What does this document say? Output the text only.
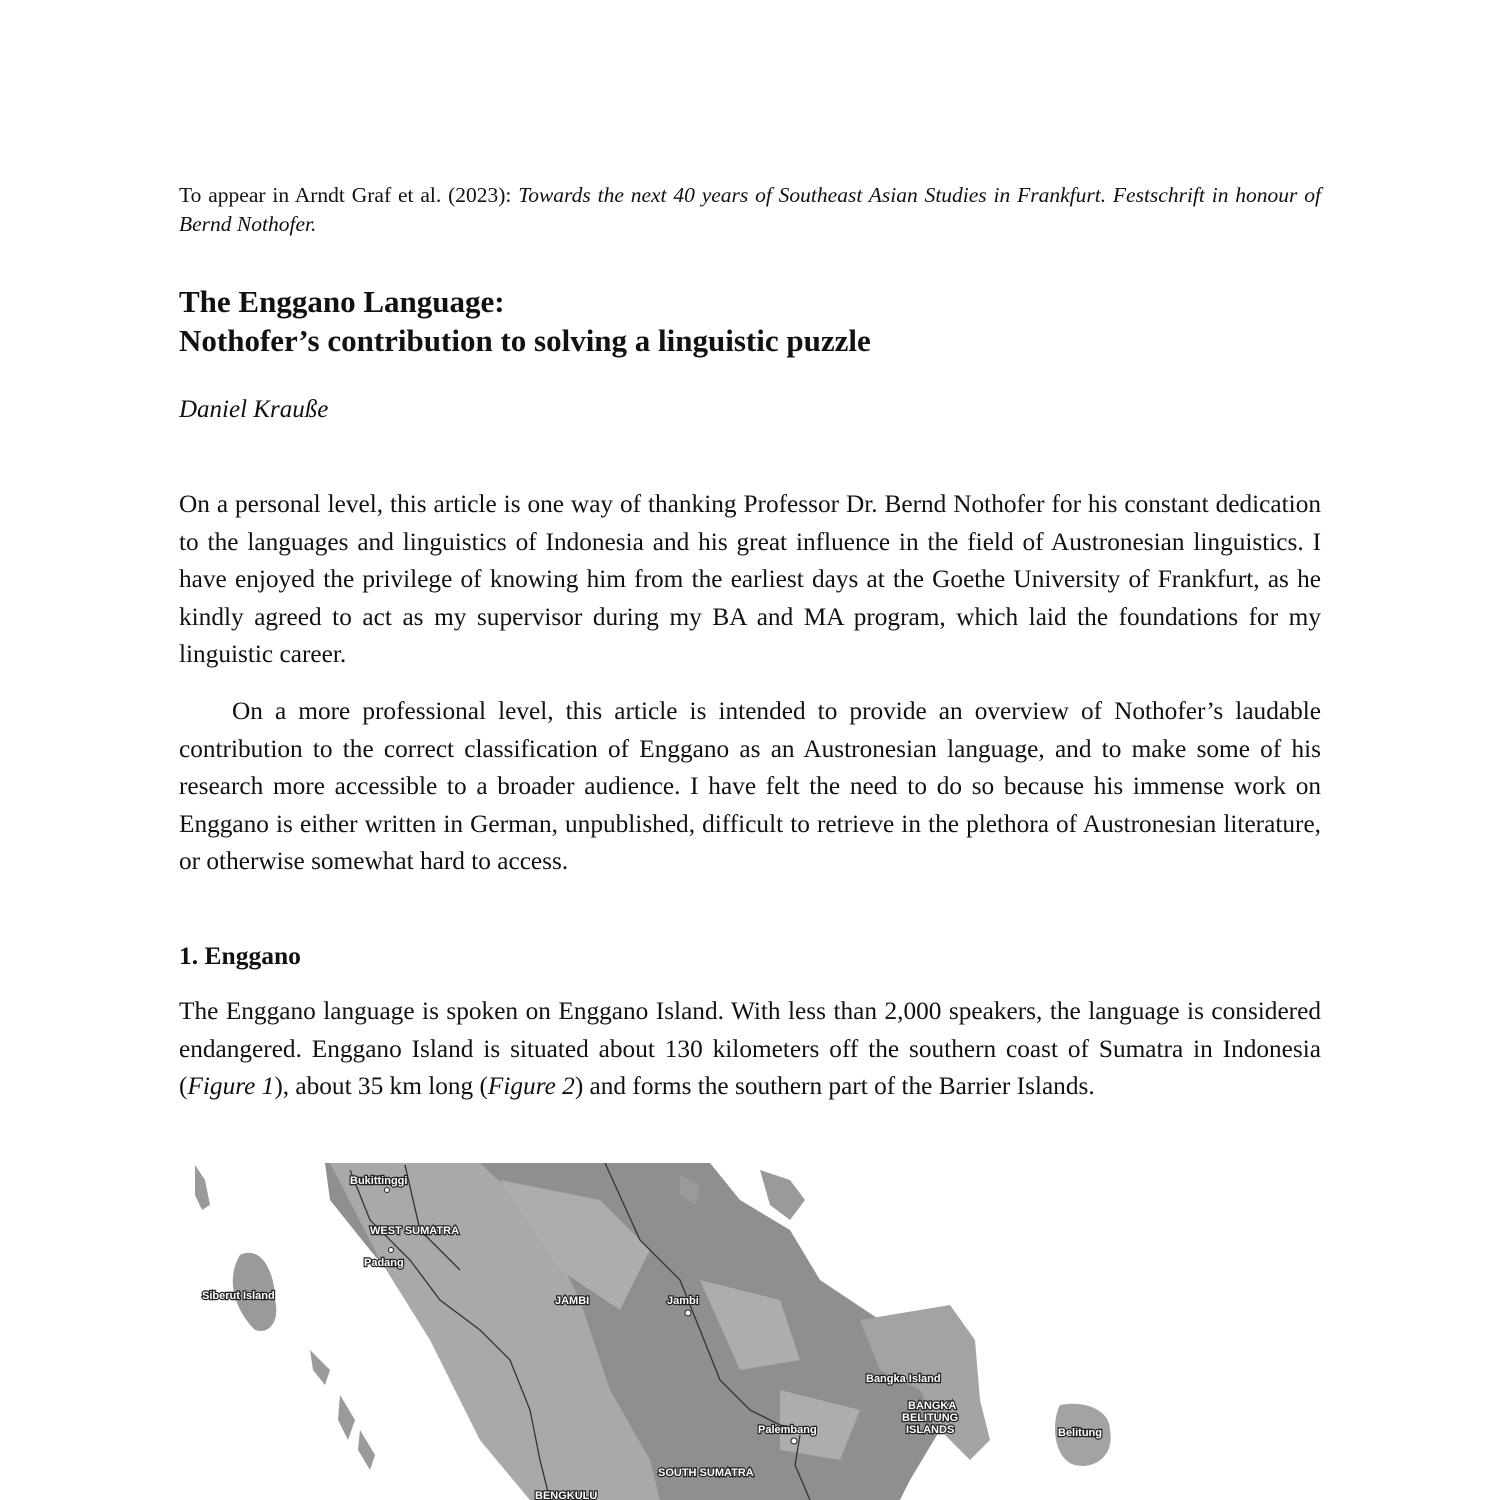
To appear in Arndt Graf et al. (2023): Towards the next 40 years of Southeast Asian Studies in Frankfurt. Festschrift in honour of Bernd Nothofer.
The Enggano Language:
Nothofer’s contribution to solving a linguistic puzzle
Daniel Krauße

On a personal level, this article is one way of thanking Professor Dr. Bernd Nothofer for his constant dedication to the languages and linguistics of Indonesia and his great influence in the field of Austronesian linguistics. I have enjoyed the privilege of knowing him from the earliest days at the Goethe University of Frankfurt, as he kindly agreed to act as my supervisor during my BA and MA program, which laid the foundations for my linguistic career.

On a more professional level, this article is intended to provide an overview of Nothofer’s laudable contribution to the correct classification of Enggano as an Austronesian language, and to make some of his research more accessible to a broader audience. I have felt the need to do so because his immense work on Enggano is either written in German, unpublished, difficult to retrieve in the plethora of Austronesian literature, or otherwise somewhat hard to access.

1. Enggano

The Enggano language is spoken on Enggano Island. With less than 2,000 speakers, the language is considered endangered. Enggano Island is situated about 130 kilometers off the southern coast of Sumatra in Indonesia (Figure 1), about 35 km long (Figure 2) and forms the southern part of the Barrier Islands.

Bukittinggi
WEST SUMATRA
Padang
Siberut Island	JAMBI	Jambi
Bangka Island
BANGKA
BELITUNG
ISLANDS	Belitung
Palembang
SOUTH SUMATRA
BENGKULU
